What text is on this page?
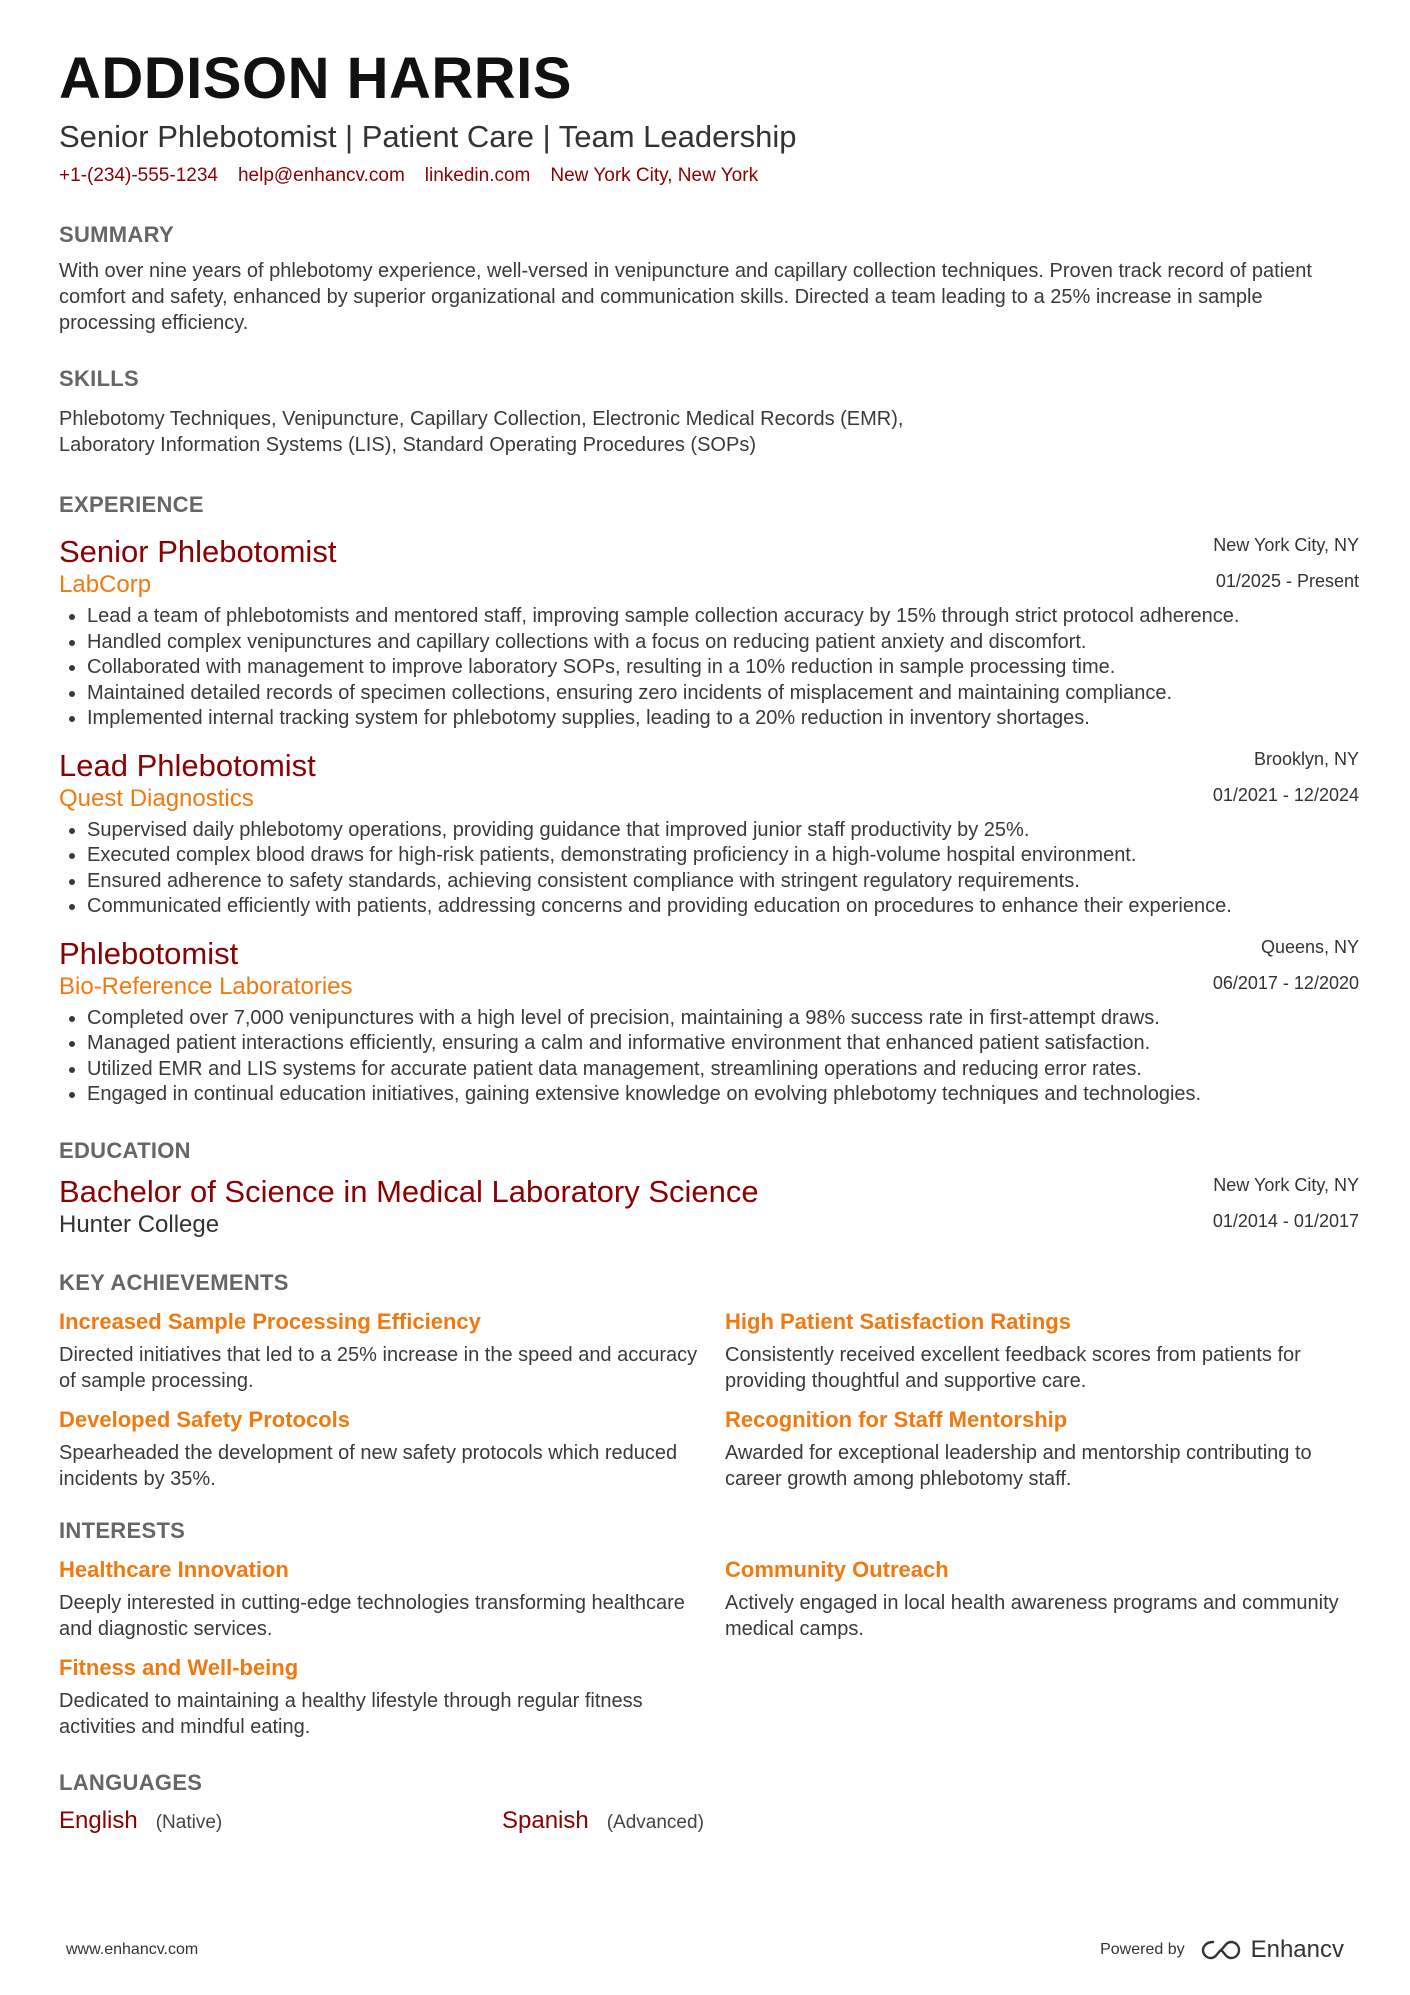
ADDISON HARRIS
Senior Phlebotomist | Patient Care | Team Leadership
+1-(234)-555-1234 help@enhancv.com linkedin.com New York City, New York
SUMMARY
With over nine years of phlebotomy experience, well-versed in venipuncture and capillary collection techniques. Proven track record of patient comfort and safety, enhanced by superior organizational and communication skills. Directed a team leading to a 25% increase in sample processing efficiency.
SKILLS
Phlebotomy Techniques, Venipuncture, Capillary Collection, Electronic Medical Records (EMR),
Laboratory Information Systems (LIS), Standard Operating Procedures (SOPs)
EXPERIENCE
Senior Phlebotomist
LabCorp
New York City, NY
01/2025 - Present
• Lead a team of phlebotomists and mentored staff, improving sample collection accuracy by 15% through strict protocol adherence.
• Handled complex venipunctures and capillary collections with a focus on reducing patient anxiety and discomfort.
• Collaborated with management to improve laboratory SOPs, resulting in a 10% reduction in sample processing time.
• Maintained detailed records of specimen collections, ensuring zero incidents of misplacement and maintaining compliance.
• Implemented internal tracking system for phlebotomy supplies, leading to a 20% reduction in inventory shortages.
Lead Phlebotomist
Quest Diagnostics
Brooklyn, NY
01/2021 - 12/2024
• Supervised daily phlebotomy operations, providing guidance that improved junior staff productivity by 25%.
• Executed complex blood draws for high-risk patients, demonstrating proficiency in a high-volume hospital environment.
• Ensured adherence to safety standards, achieving consistent compliance with stringent regulatory requirements.
• Communicated efficiently with patients, addressing concerns and providing education on procedures to enhance their experience.
Phlebotomist
Bio-Reference Laboratories
Queens, NY
06/2017 - 12/2020
• Completed over 7,000 venipunctures with a high level of precision, maintaining a 98% success rate in first-attempt draws.
• Managed patient interactions efficiently, ensuring a calm and informative environment that enhanced patient satisfaction.
• Utilized EMR and LIS systems for accurate patient data management, streamlining operations and reducing error rates.
• Engaged in continual education initiatives, gaining extensive knowledge on evolving phlebotomy techniques and technologies.
EDUCATION
Bachelor of Science in Medical Laboratory Science
Hunter College
New York City, NY
01/2014 - 01/2017
KEY ACHIEVEMENTS
Increased Sample Processing Efficiency
Directed initiatives that led to a 25% increase in the speed and accuracy of sample processing.
High Patient Satisfaction Ratings
Consistently received excellent feedback scores from patients for providing thoughtful and supportive care.
Developed Safety Protocols
Spearheaded the development of new safety protocols which reduced incidents by 35%.
Recognition for Staff Mentorship
Awarded for exceptional leadership and mentorship contributing to career growth among phlebotomy staff.
INTERESTS
Healthcare Innovation
Deeply interested in cutting-edge technologies transforming healthcare and diagnostic services.
Community Outreach
Actively engaged in local health awareness programs and community medical camps.
Fitness and Well-being
Dedicated to maintaining a healthy lifestyle through regular fitness activities and mindful eating.
LANGUAGES
English (Native)	Spanish (Advanced)
www.enhancv.com	Powered by	Enhancv
